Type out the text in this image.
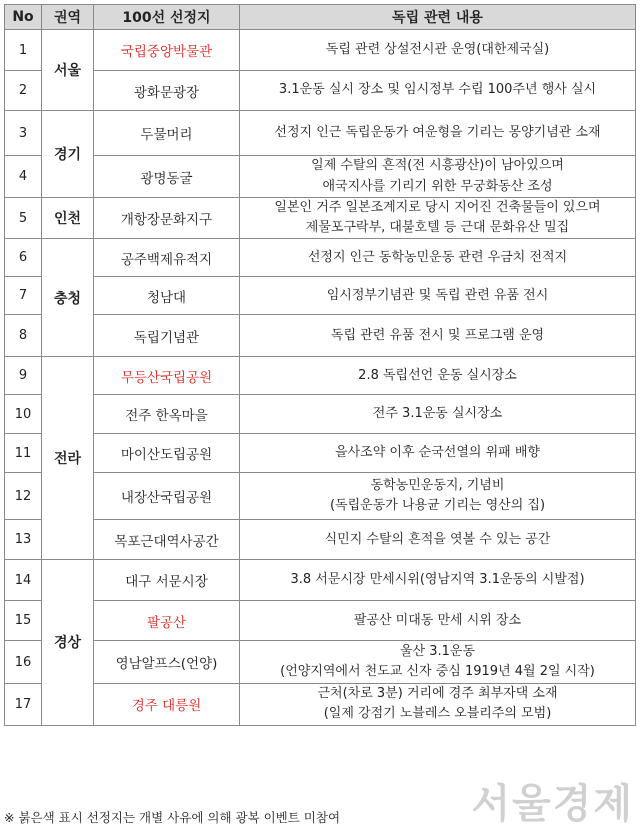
No	권역	100선 선정지	독립 관련 내용
1	서울	국립중앙박물관	독립 관련 상설전시관 운영(대한제국실)

2		광화문광장	3.1운동 실시 장소 및 임시정부 수립 100주년 행사 실시

3	경기	두물머리	선정지 인근 독립운동가 여운형을 기리는 몽양기념관 소재

4		광명동굴	일제 수탈의 흔적(전 시흥광산)이 남아있으며
애국지사를 기리기 위한 무궁화동산 조성

5	인천	개항장문화지구	일본인 거주 일본조계지로 당시 지어진 건축물들이 있으며
제물포구락부, 대불호텔 등 근대 문화유산 밀집

6	충청	공주백제유적지	선정지 인근 동학농민운동 관련 우금치 전적지

7		청남대	임시정부기념관 및 독립 관련 유품 전시

8		독립기념관	독립 관련 유품 전시 및 프로그램 운영

9	전라	무등산국립공원	2.8 독립선언 운동 실시장소

10		전주 한옥마을	전주 3.1운동 실시장소

11		마이산도립공원	을사조약 이후 순국선열의 위패 배향

12		내장산국립공원	동학농민운동지, 기념비
(독립운동가 나용균 기리는 영산의 집)

13		목포근대역사공간	식민지 수탈의 흔적을 엿볼 수 있는 공간

14	경상	대구 서문시장	3.8 서문시장 만세시위(영남지역 3.1운동의 시발점)

15		팔공산	팔공산 미대동 만세 시위 장소

16		영남알프스(언양)	울산 3.1운동
(언양지역에서 천도교 신자 중심 1919년 4월 2일 시작)

17		경주 대릉원	근처(차로 3분) 거리에 경주 최부자댁 소재
(일제 강점기 노블레스 오블리주의 모범)
※ 붉은색 표시 선정지는 개별 사유에 의해 광복 이벤트 미참여	서울경제
